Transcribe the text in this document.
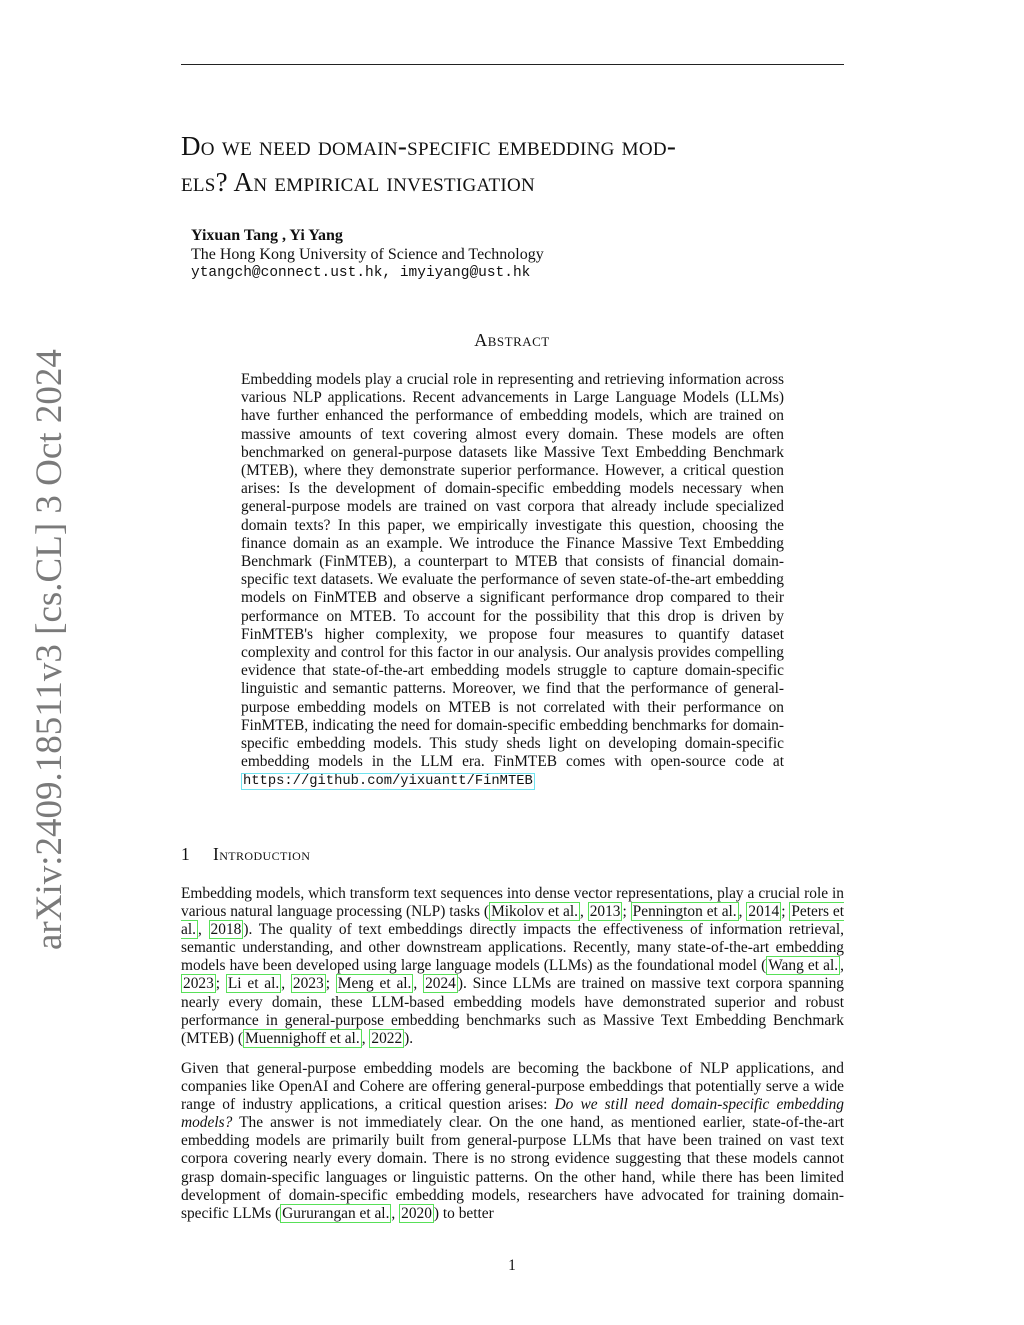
arXiv:2409.18511v3 [cs.CL] 3 Oct 2024
Do we need domain-specific embedding mod-
els? An empirical investigation
Yixuan Tang , Yi Yang
The Hong Kong University of Science and Technology
ytangch@connect.ust.hk, imyiyang@ust.hk
Abstract

Embedding models play a crucial role in representing and retrieving information across various NLP applications. Recent advancements in Large Language Models (LLMs) have further enhanced the performance of embedding models, which are trained on massive amounts of text covering almost every domain. These models are often benchmarked on general-purpose datasets like Massive Text Embedding Benchmark (MTEB), where they demonstrate superior performance. However, a critical question arises: Is the development of domain-specific embedding models necessary when general-purpose models are trained on vast corpora that already include specialized domain texts? In this paper, we empirically investigate this question, choosing the finance domain as an example. We introduce the Finance Massive Text Embedding Benchmark (FinMTEB), a counterpart to MTEB that consists of financial domain-specific text datasets. We evaluate the performance of seven state-of-the-art embedding models on FinMTEB and observe a significant performance drop compared to their performance on MTEB. To account for the possibility that this drop is driven by FinMTEB's higher complexity, we propose four measures to quantify dataset complexity and control for this factor in our analysis. Our analysis provides compelling evidence that state-of-the-art embedding models struggle to capture domain-specific linguistic and semantic patterns. Moreover, we find that the performance of general-purpose embedding models on MTEB is not correlated with their performance on FinMTEB, indicating the need for domain-specific embedding benchmarks for domain-specific embedding models. This study sheds light on developing domain-specific embedding models in the LLM era. FinMTEB comes with open-source code at https://github.com/yixuantt/FinMTEB

1 Introduction

Embedding models, which transform text sequences into dense vector representations, play a crucial role in various natural language processing (NLP) tasks ( Mikolov et al. , 2013 ; Pennington et al. , 2014 ; Peters et al. , 2018 ). The quality of text embeddings directly impacts the effectiveness of information retrieval, semantic understanding, and other downstream applications. Recently, many state-of-the-art embedding models have been developed using large language models (LLMs) as the foundational model ( Wang et al. , 2023 ; Li et al. , 2023 ; Meng et al. , 2024 ). Since LLMs are trained on massive text corpora spanning nearly every domain, these LLM-based embedding models have demonstrated superior and robust performance in general-purpose embedding benchmarks such as Massive Text Embedding Benchmark (MTEB) ( Muennighoff et al. , 2022 ).

Given that general-purpose embedding models are becoming the backbone of NLP applications, and companies like OpenAI and Cohere are offering general-purpose embeddings that potentially serve a wide range of industry applications, a critical question arises: Do we still need domain-specific embedding models? The answer is not immediately clear. On the one hand, as mentioned earlier, state-of-the-art embedding models are primarily built from general-purpose LLMs that have been trained on vast text corpora covering nearly every domain. There is no strong evidence suggesting that these models cannot grasp domain-specific languages or linguistic patterns. On the other hand, while there has been limited development of domain-specific embedding models, researchers have advocated for training domain-specific LLMs ( Gururangan et al. , 2020 ) to better

1
